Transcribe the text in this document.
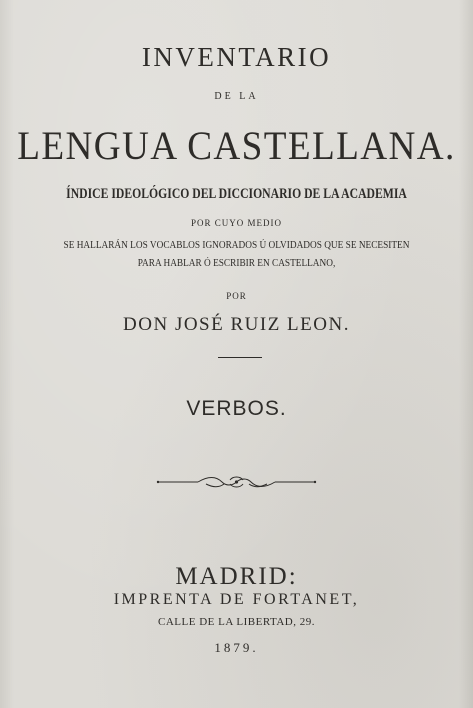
INVENTARIO
DE LA
LENGUA CASTELLANA.
ÍNDICE IDEOLÓGICO DEL DICCIONARIO DE LA ACADEMIA
POR CUYO MEDIO
SE HALLARÁN LOS VOCABLOS IGNORADOS Ú OLVIDADOS QUE SE NECESITEN
PARA HABLAR Ó ESCRIBIR EN CASTELLANO,
POR
DON JOSÉ RUIZ LEON.
VERBOS.
MADRID:
IMPRENTA DE FORTANET,
CALLE DE LA LIBERTAD, 29.
1879.
